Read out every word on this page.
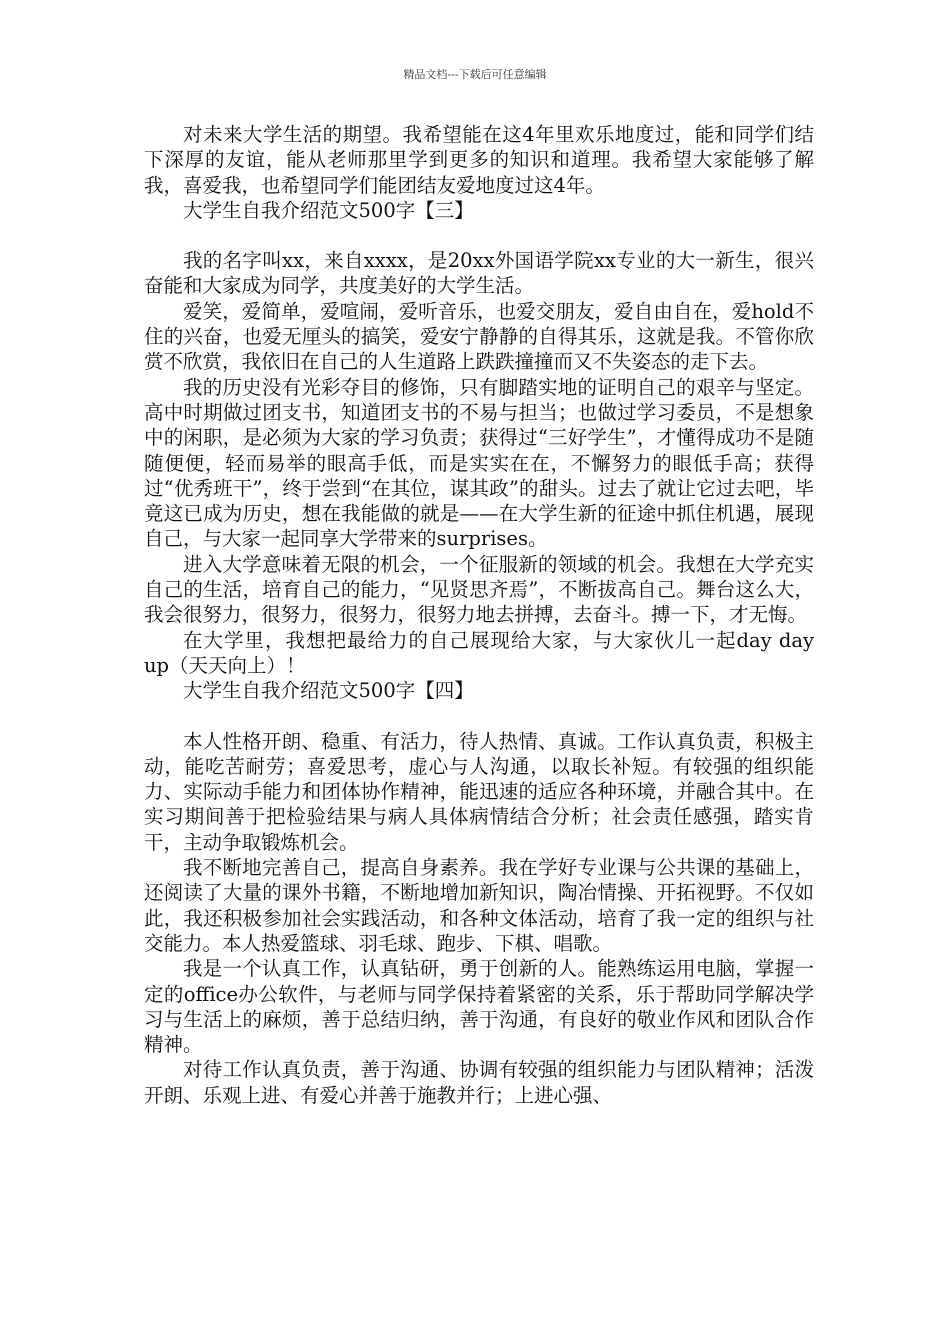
精品文档---下载后可任意编辑

对未来大学生活的期望。我希望能在这4年里欢乐地度过，能和同学们结下深厚的友谊，能从老师那里学到更多的知识和道理。我希望大家能够了解我，喜爱我，也希望同学们能团结友爱地度过这4年。

大学生自我介绍范文500字【三】

我的名字叫xx，来自xxxx，是20xx外国语学院xx专业的大一新生，很兴奋能和大家成为同学，共度美好的大学生活。

爱笑，爱简单，爱喧闹，爱听音乐，也爱交朋友，爱自由自在，爱hold不住的兴奋，也爱无厘头的搞笑，爱安宁静静的自得其乐，这就是我。不管你欣赏不欣赏，我依旧在自己的人生道路上跌跌撞撞而又不失姿态的走下去。

我的历史没有光彩夺目的修饰，只有脚踏实地的证明自己的艰辛与坚定。高中时期做过团支书，知道团支书的不易与担当；也做过学习委员，不是想象中的闲职，是必须为大家的学习负责；获得过“三好学生”，才懂得成功不是随随便便，轻而易举的眼高手低，而是实实在在，不懈努力的眼低手高；获得过“优秀班干”，终于尝到“在其位，谋其政”的甜头。过去了就让它过去吧，毕竟这已成为历史，想在我能做的就是——在大学生新的征途中抓住机遇，展现自己，与大家一起同享大学带来的surprises。

进入大学意味着无限的机会，一个征服新的领域的机会。我想在大学充实自己的生活，培育自己的能力，“见贤思齐焉”，不断拔高自己。舞台这么大，我会很努力，很努力，很努力，很努力地去拼搏，去奋斗。搏一下，才无悔。

在大学里，我想把最给力的自己展现给大家，与大家伙儿一起day day up（天天向上）！

大学生自我介绍范文500字【四】

本人性格开朗、稳重、有活力，待人热情、真诚。工作认真负责，积极主动，能吃苦耐劳；喜爱思考，虚心与人沟通，以取长补短。有较强的组织能力、实际动手能力和团体协作精神，能迅速的适应各种环境，并融合其中。在实习期间善于把检验结果与病人具体病情结合分析；社会责任感强，踏实肯干，主动争取锻炼机会。

我不断地完善自己，提高自身素养。我在学好专业课与公共课的基础上，还阅读了大量的课外书籍，不断地增加新知识，陶冶情操、开拓视野。不仅如此，我还积极参加社会实践活动，和各种文体活动，培育了我一定的组织与社交能力。本人热爱篮球、羽毛球、跑步、下棋、唱歌。

我是一个认真工作，认真钻研，勇于创新的人。能熟练运用电脑，掌握一定的office办公软件，与老师与同学保持着紧密的关系，乐于帮助同学解决学习与生活上的麻烦，善于总结归纳，善于沟通，有良好的敬业作风和团队合作精神。

对待工作认真负责，善于沟通、协调有较强的组织能力与团队精神；活泼开朗、乐观上进、有爱心并善于施教并行；上进心强、
